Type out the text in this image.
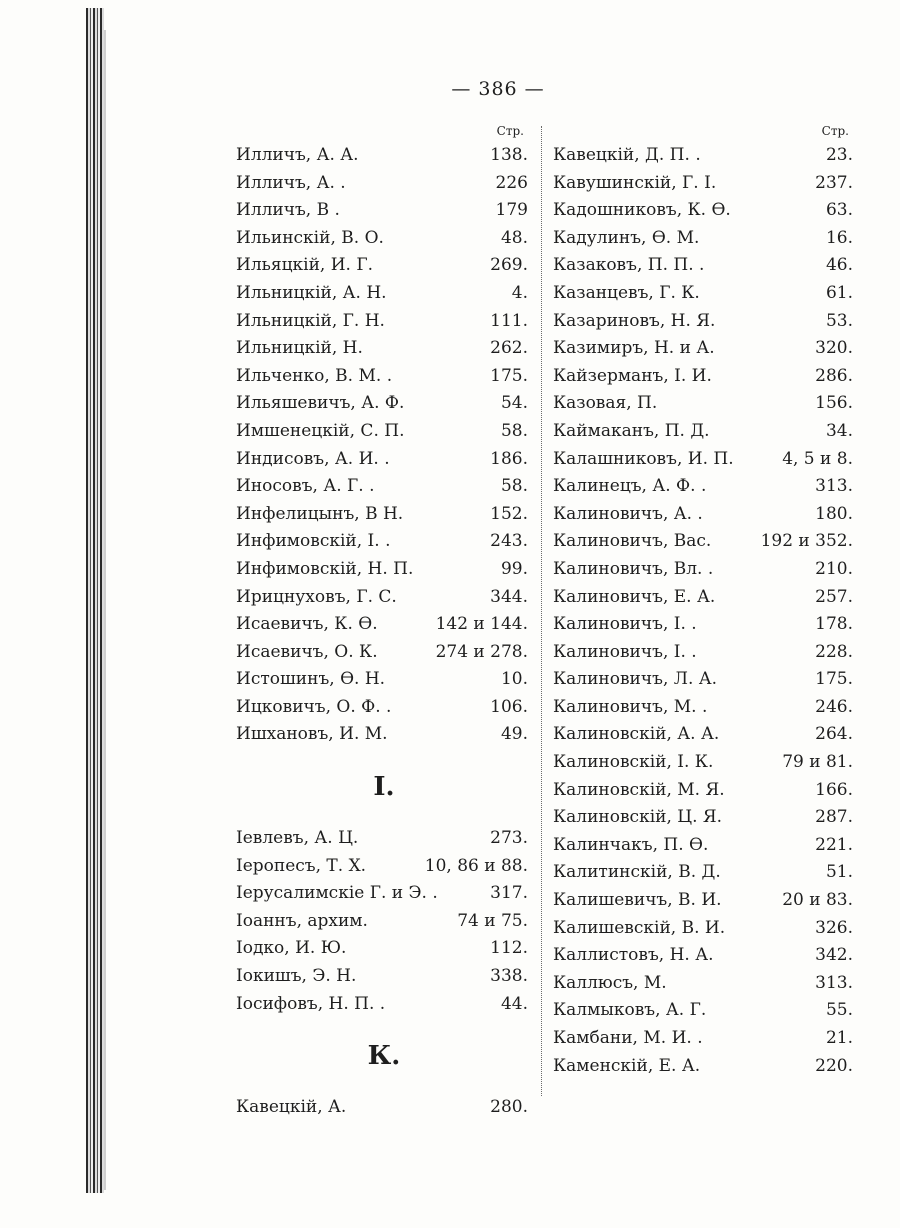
— 386 —
Стр.
Илличъ, А. А.	138.
Илличъ, А. .	226
Илличъ, В .	179
Ильинскій, В. О.	48.
Ильяцкій, И. Г.	269.
Ильницкій, А. Н.	4.
Ильницкій, Г. Н.	111.
Ильницкій, Н.	262.
Ильченко, В. М. .	175.
Ильяшевичъ, А. Ф.	54.
Имшенецкій, С. П.	58.
Индисовъ, А. И. .	186.
Иносовъ, А. Г. .	58.
Инфелицынъ, В Н.	152.
Инфимовскій, I. .	243.
Инфимовскій, Н. П.	99.
Ирицнуховъ, Г. С.	344.
Исаевичъ, К. Ѳ.	142 и 144.
Исаевичъ, О. К.	274 и 278.
Истошинъ, Ѳ. Н.	10.
Ицковичъ, О. Ф. .	106.
Ишхановъ, И. М.	49.
I.
Іевлевъ, А. Ц.	273.
Іеропесъ, Т. Х.	10, 86 и 88.
Іерусалимскіе Г. и Э. .	317.
Іоаннъ, архим.	74 и 75.
Іодко, И. Ю.	112.
Іокишъ, Э. Н.	338.
Іосифовъ, Н. П. .	44.
К.
Кавецкій, А.	280.
Стр.
Кавецкій, Д. П. .	23.
Кавушинскій, Г. І.	237.
Кадошниковъ, К. Ѳ.	63.
Кадулинъ, Ѳ. М.	16.
Казаковъ, П. П. .	46.
Казанцевъ, Г. К.	61.
Казариновъ, Н. Я.	53.
Казимиръ, Н. и А.	320.
Кайзерманъ, І. И.	286.
Казовая, П.	156.
Каймаканъ, П. Д.	34.
Калашниковъ, И. П.	4, 5 и 8.
Калинецъ, А. Ф. .	313.
Калиновичъ, А. .	180.
Калиновичъ, Вас.	192 и 352.
Калиновичъ, Вл. .	210.
Калиновичъ, Е. А.	257.
Калиновичъ, І. .	178.
Калиновичъ, І. .	228.
Калиновичъ, Л. А.	175.
Калиновичъ, М. .	246.
Калиновскій, А. А.	264.
Калиновскій, І. К.	79 и 81.
Калиновскій, М. Я.	166.
Калиновскій, Ц. Я.	287.
Калинчакъ, П. Ѳ.	221.
Калитинскій, В. Д.	51.
Калишевичъ, В. И.	20 и 83.
Калишевскій, В. И.	326.
Каллистовъ, Н. А.	342.
Каллюсъ, М.	313.
Калмыковъ, А. Г.	55.
Камбани, М. И. .	21.
Каменскій, Е. А.	220.
